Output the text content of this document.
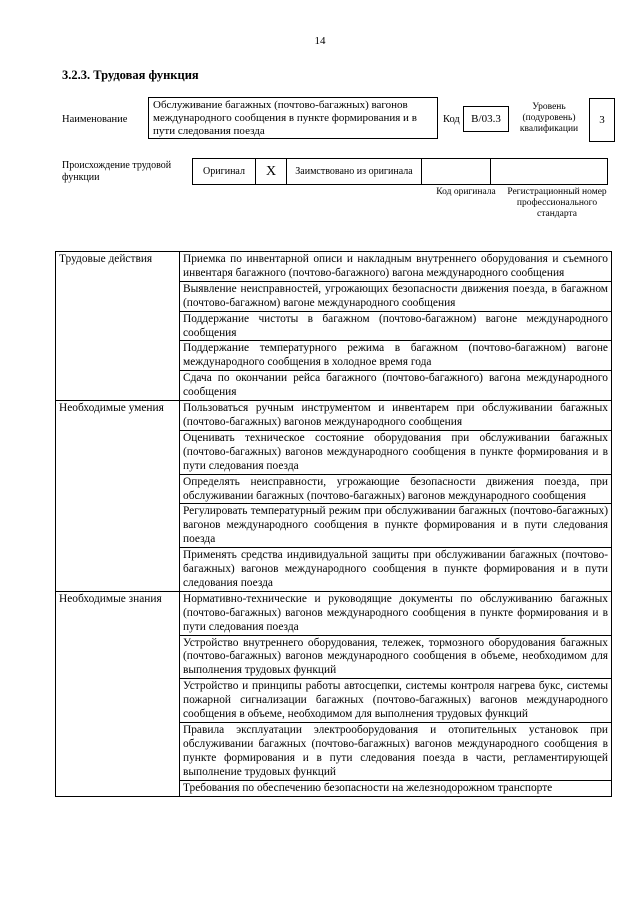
14
3.2.3. Трудовая функция
Наименование
Обслуживание багажных (почтово-багажных) вагонов международного сообщения в пункте формирования и в пути следования поезда
Код	В/03.3
Уровень (подуровень) квалификации
3
Происхождение трудовой функции
Оригинал	X	Заимствовано из оригинала
Код оригинала	Регистрационный номер профессионального стандарта
Трудовые действия	Приемка по инвентарной описи и накладным внутреннего оборудования и съемного инвентаря багажного (почтово-багажного) вагона международного сообщения
	Выявление неисправностей, угрожающих безопасности движения поезда, в багажном (почтово-багажном) вагоне международного сообщения
	Поддержание чистоты в багажном (почтово-багажном) вагоне международного сообщения
	Поддержание температурного режима в багажном (почтово-багажном) вагоне международного сообщения в холодное время года
	Сдача по окончании рейса багажного (почтово-багажного) вагона международного сообщения
Необходимые умения	Пользоваться ручным инструментом и инвентарем при обслуживании багажных (почтово-багажных) вагонов международного сообщения
	Оценивать техническое состояние оборудования при обслуживании багажных (почтово-багажных) вагонов международного сообщения в пункте формирования и в пути следования поезда
	Определять неисправности, угрожающие безопасности движения поезда, при обслуживании багажных (почтово-багажных) вагонов международного сообщения
	Регулировать температурный режим при обслуживании багажных (почтово-багажных) вагонов международного сообщения в пункте формирования и в пути следования поезда
	Применять средства индивидуальной защиты при обслуживании багажных (почтово-багажных) вагонов международного сообщения в пункте формирования и в пути следования поезда
Необходимые знания	Нормативно-технические и руководящие документы по обслуживанию багажных (почтово-багажных) вагонов международного сообщения в пункте формирования и в пути следования поезда
	Устройство внутреннего оборудования, тележек, тормозного оборудования багажных (почтово-багажных) вагонов международного сообщения в объеме, необходимом для выполнения трудовых функций
	Устройство и принципы работы автосцепки, системы контроля нагрева букс, системы пожарной сигнализации багажных (почтово-багажных) вагонов международного сообщения в объеме, необходимом для выполнения трудовых функций
	Правила эксплуатации электрооборудования и отопительных установок при обслуживании багажных (почтово-багажных) вагонов международного сообщения в пункте формирования и в пути следования поезда в части, регламентирующей выполнение трудовых функций
	Требования по обеспечению безопасности на железнодорожном транспорте
